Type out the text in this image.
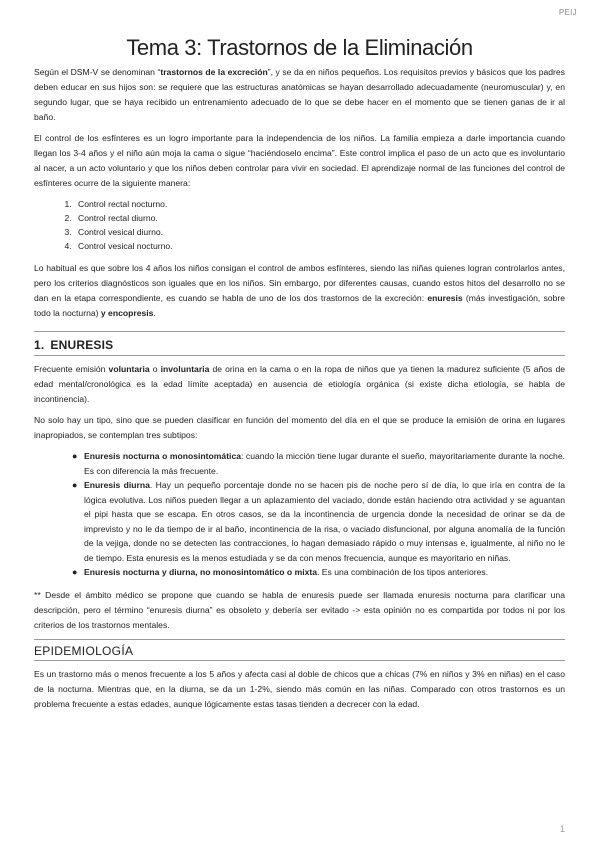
PEIJ
Tema 3: Trastornos de la Eliminación

Según el DSM-V se denominan “trastornos de la excreción”, y se da en niños pequeños. Los requisitos previos y básicos que los padres deben educar en sus hijos son: se requiere que las estructuras anatómicas se hayan desarrollado adecuadamente (neuromuscular) y, en segundo lugar, que se haya recibido un entrenamiento adecuado de lo que se debe hacer en el momento que se tienen ganas de ir al baño.

El control de los esfínteres es un logro importante para la independencia de los niños. La familia empieza a darle importancia cuando llegan los 3-4 años y el niño aún moja la cama o sigue “haciéndoselo encima”. Este control implica el paso de un acto que es involuntario al nacer, a un acto voluntario y que los niños deben controlar para vivir en sociedad. El aprendizaje normal de las funciones del control de esfínteres ocurre de la siguiente manera:

1. Control rectal nocturno.
2. Control rectal diurno.
3. Control vesical diurno.
4. Control vesical nocturno.

Lo habitual es que sobre los 4 años los niños consigan el control de ambos esfínteres, siendo las niñas quienes logran controlarlos antes, pero los criterios diagnósticos son iguales que en los niños. Sin embargo, por diferentes causas, cuando estos hitos del desarrollo no se dan en la etapa correspondiente, es cuando se habla de uno de los dos trastornos de la excreción: enuresis (más investigación, sobre todo la nocturna) y encopresis.

1. ENURESIS

Frecuente emisión voluntaria o involuntaria de orina en la cama o en la ropa de niños que ya tienen la madurez suficiente (5 años de edad mental/cronológica es la edad límite aceptada) en ausencia de etiología orgánica (si existe dicha etiología, se habla de incontinencia).

No solo hay un tipo, sino que se pueden clasificar en función del momento del día en el que se produce la emisión de orina en lugares inapropiados, se contemplan tres subtipos:

● Enuresis nocturna o monosintomática: cuando la micción tiene lugar durante el sueño, mayoritariamente durante la noche. Es con diferencia la más frecuente.
● Enuresis diurna. Hay un pequeño porcentaje donde no se hacen pis de noche pero sí de día, lo que iría en contra de la lógica evolutiva. Los niños pueden llegar a un aplazamiento del vaciado, donde están haciendo otra actividad y se aguantan el pipi hasta que se escapa. En otros casos, se da la incontinencia de urgencia donde la necesidad de orinar se da de imprevisto y no le da tiempo de ir al baño, incontinencia de la risa, o vaciado disfuncional, por alguna anomalía de la función de la vejiga, donde no se detecten las contracciones, lo hagan demasiado rápido o muy intensas e, igualmente, al niño no le de tiempo. Esta enuresis es la menos estudiada y se da con menos frecuencia, aunque es mayoritario en niñas.
● Enuresis nocturna y diurna, no monosintomático o mixta. Es una combinación de los tipos anteriores.

** Desde el ámbito médico se propone que cuando se habla de enuresis puede ser llamada enuresis nocturna para clarificar una descripción, pero el término “enuresis diurna” es obsoleto y debería ser evitado -> esta opinión no es compartida por todos ni por los criterios de los trastornos mentales.

EPIDEMIOLOGÍA

Es un trastorno más o menos frecuente a los 5 años y afecta casi al doble de chicos que a chicas (7% en niños y 3% en niñas) en el caso de la nocturna. Mientras que, en la diurna, se da un 1-2%, siendo más común en las niñas. Comparado con otros trastornos es un problema frecuente a estas edades, aunque lógicamente estas tasas tienden a decrecer con la edad.

1
